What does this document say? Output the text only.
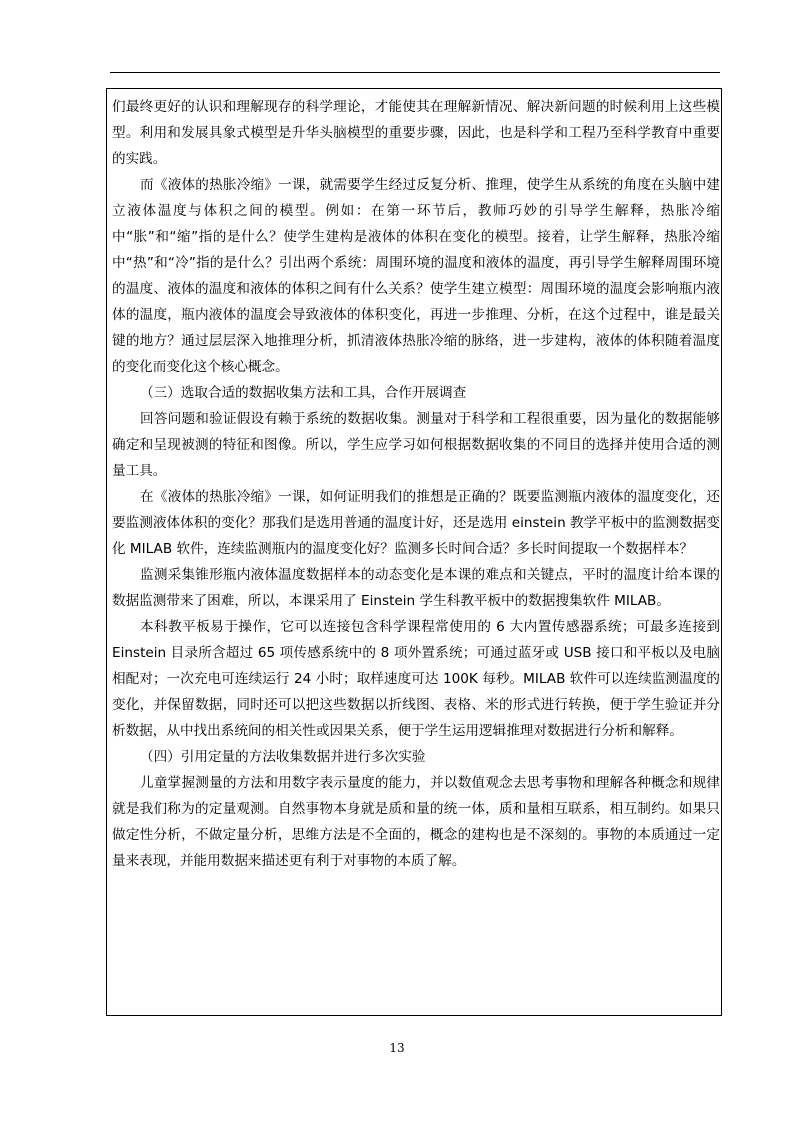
们最终更好的认识和理解现存的科学理论，才能使其在理解新情况、解决新问题的时候利用上这些模型。利用和发展具象式模型是升华头脑模型的重要步骤，因此，也是科学和工程乃至科学教育中重要的实践。

而《液体的热胀冷缩》一课，就需要学生经过反复分析、推理，使学生从系统的角度在头脑中建立液体温度与体积之间的模型。例如：在第一环节后，教师巧妙的引导学生解释，热胀冷缩中“胀”和“缩”指的是什么？使学生建构是液体的体积在变化的模型。接着，让学生解释，热胀冷缩中“热”和“冷”指的是什么？引出两个系统：周围环境的温度和液体的温度，再引导学生解释周围环境的温度、液体的温度和液体的体积之间有什么关系？使学生建立模型：周围环境的温度会影响瓶内液体的温度，瓶内液体的温度会导致液体的体积变化，再进一步推理、分析，在这个过程中，谁是最关键的地方？通过层层深入地推理分析，抓清液体热胀冷缩的脉络，进一步建构，液体的体积随着温度的变化而变化这个核心概念。

（三）选取合适的数据收集方法和工具，合作开展调查

回答问题和验证假设有赖于系统的数据收集。测量对于科学和工程很重要，因为量化的数据能够确定和呈现被测的特征和图像。所以，学生应学习如何根据数据收集的不同目的选择并使用合适的测量工具。

在《液体的热胀冷缩》一课，如何证明我们的推想是正确的？既要监测瓶内液体的温度变化，还要监测液体体积的变化？那我们是选用普通的温度计好，还是选用 einstein 教学平板中的监测数据变化 MILAB 软件，连续监测瓶内的温度变化好？监测多长时间合适？多长时间提取一个数据样本？

监测采集锥形瓶内液体温度数据样本的动态变化是本课的难点和关键点，平时的温度计给本课的数据监测带来了困难，所以，本课采用了 Einstein 学生科教平板中的数据搜集软件 MILAB。

本科教平板易于操作，它可以连接包含科学课程常使用的 6 大内置传感器系统；可最多连接到 Einstein 目录所含超过 65 项传感系统中的 8 项外置系统；可通过蓝牙或 USB 接口和平板以及电脑相配对；一次充电可连续运行 24 小时；取样速度可达 100K 每秒。MILAB 软件可以连续监测温度的变化，并保留数据，同时还可以把这些数据以折线图、表格、米的形式进行转换，便于学生验证并分析数据，从中找出系统间的相关性或因果关系，便于学生运用逻辑推理对数据进行分析和解释。

（四）引用定量的方法收集数据并进行多次实验

儿童掌握测量的方法和用数字表示量度的能力，并以数值观念去思考事物和理解各种概念和规律就是我们称为的定量观测。自然事物本身就是质和量的统一体，质和量相互联系，相互制约。如果只做定性分析，不做定量分析，思维方法是不全面的，概念的建构也是不深刻的。事物的本质通过一定量来表现，并能用数据来描述更有利于对事物的本质了解。

13
